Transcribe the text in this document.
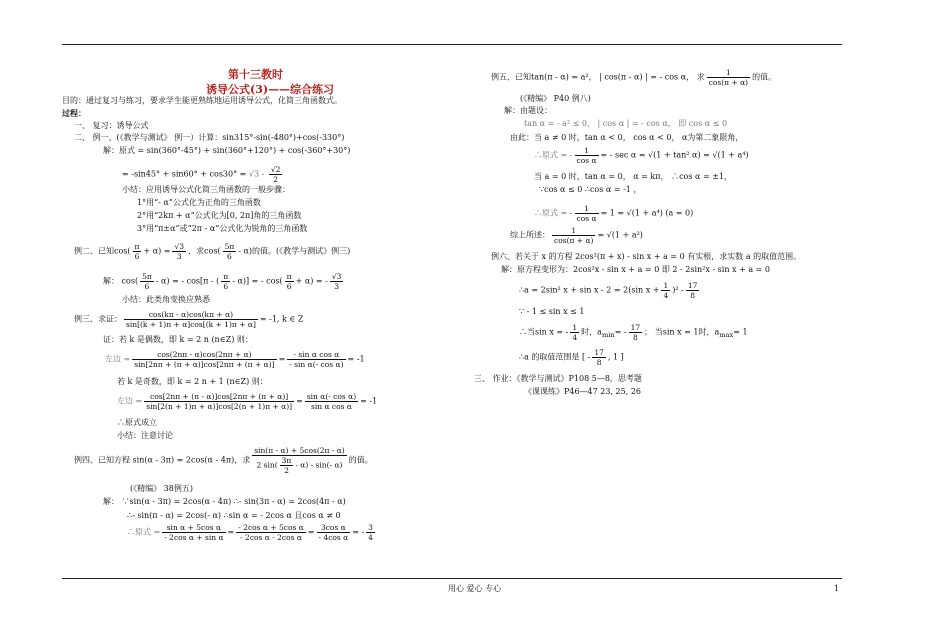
第十三教时
诱导公式(3)——综合练习
目的：通过复习与练习，要求学生能更熟练地运用诱导公式，化简三角函数式。
过程：
一、 复习：诱导公式
二、 例一、(《教学与测试》 例一）计算：sin315°-sin(-480°)+cos(-330°)
解：原式 = sin(360°-45°) + sin(360°+120°) + cos(-360°+30°)
= $-\sin 45^\circ + \sin 60^\circ + \cos 30^\circ = √3 - \frac{√2}{2}$
小结：应用诱导公式化简三角函数的一般步骤：
1°用“- α”公式化为正角的三角函数
2°用“2kπ + α”公式化为[0, 2π]角的三角函数
3°用“π±α”或“2π - α”公式化为锐角的三角函数
例二、已知$\cos( \frac{\pi}{6} + \alpha) = \frac{√3}{3}$ ，求$\cos( \frac{5\pi}{6} - \alpha)$的值。(《教学与测试》例三)
解： $\cos( \frac{5\pi}{6} - \alpha)$ = - cos[π - ( $\frac{\pi}{6} - \alpha$)] = - $\cos( \frac{\pi}{6} + \alpha)$ = - $\frac{√3}{3}$
小结：此类角变换应熟悉
例三、求证： $\frac{\cos(k\pi - \alpha)\cos(k\pi + \alpha)}{\sin[(k + 1)\pi + \alpha]\cos[(k + 1)\pi + \alpha]} = -1$, k ∈ Z
证：若 k 是偶数，即 k = 2 n (n∈Z) 则：
左边 = $\frac{\cos(2n\pi - \alpha)\cos(2n\pi + \alpha)}{\sin[2n\pi + (\pi + \alpha)]\cos[2n\pi + (\pi + \alpha)]} = \frac{\text{- sin α cos α}}{\text{- sin α(- cos α)}} = -1$
若 k 是奇数，即 k = 2 n + 1 (n∈Z) 则：
左边 = $\frac{\cos[2n\pi + (\pi - \alpha)]\cos[2n\pi + (\pi + \alpha)]}{\sin[2(n + 1)\pi + \alpha)]\cos[2(n + 1)\pi + \alpha)]} = \frac{\text{sin α(- cos α)}}{\text{sin α cos α}} = -1$
∴原式成立
小结：注意讨论
例四、已知方程 sin(α - 3π) = 2cos(α - 4π)，求 $\frac{\sin(\pi - \alpha) + 5\cos(2\pi - \alpha)}{2 \sin( \frac{3\pi}{2} - \alpha) - \sin(- \alpha)}$ 的值。
(《精编》 38例五)
解： ∵sin(α - 3π) = 2cos(α - 4π) ∴- sin(3π - α) = 2cos(4π - α)
∴- sin(π - α) = 2cos(- α) ∴sin α = - 2cos α 且cos α ≠ 0
∴原式 = $\frac{\text{sin α + 5cos α}}{\text{- 2cos α + sin α}} = \frac{\text{- 2cos α + 5cos α}}{\text{- 2cos α - 2cos α}} = \frac{\text{3cos α}}{\text{- 4cos α}}$ = - $\frac{3}{4}$
例五、已知tan(π - α) = a²， | cos(π - α) | = - cos α， 求 $\frac{1}{\cos(\pi + \alpha)}$ 的值。
(《精编》 P40 例八)
解：由题设：
tan α = - a² ≤ 0， | cos α | = - cos α， 即 cos α ≤ 0
由此：当 a ≠ 0 时，tan α < 0， cos α < 0， α为第二象限角，
∴原式 = - $\frac{1}{\text{cos α}}$ = - sec α = √(1 + tan² α) = √(1 + a⁴)
当 a = 0 时，tan α = 0， α = kπ， ∴cos α = ±1，
∵cos α ≤ 0 ∴cos α = -1 ，
∴原式 = - $\frac{1}{\text{cos α}} = 1 = √(1 + a^4) (a = 0)$
综上所述： $\frac{1}{\cos(\pi + \alpha)} = √(1 + a^2)$
例六、若关于 x 的方程 2cos²(π + x) - sin x + a = 0 有实根，求实数 a 的取值范围。
解：原方程变形为：2cos²x - sin x + a = 0 即 2 - 2sin²x - sin x + a = 0
∴a = 2sin² x + sin x - 2 = 2(sin $x + \frac{1}{4} )^2 - \frac{17}{8}$
∵ - 1 ≤ sin x ≤ 1
∴当sin x = - $\frac{1}{4}$ 时，$a_{min}= - \frac{17}{8}$ ； 当sin x = 1时，$a_{max}= 1$
∴a 的取值范围是 [ - $\frac{17}{8}$ , 1 ]
三、 作业：《教学与测试》P108 5—8，思考题
《课课练》P46—47 23, 25, 26
用心 爱心 专心	1
